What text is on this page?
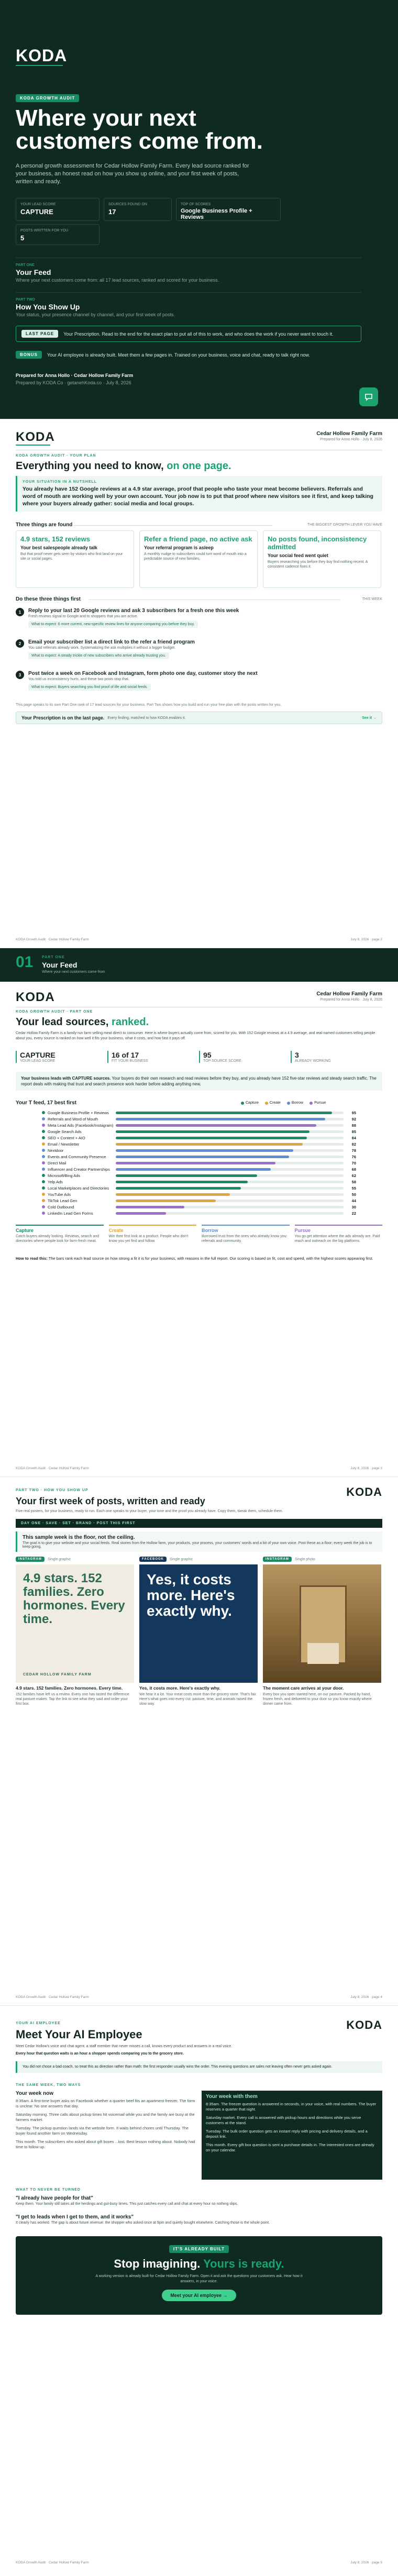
KODA
KODA GROWTH AUDIT
Where your next
customers come from.
A personal growth assessment for Cedar Hollow Family Farm. Every lead source ranked for your business, an honest read on how you show up online, and your first week of posts, written and ready.
YOUR LEAD SCORE
CAPTURE
SOURCES FOUND ON
17
TOP OF SCORES
Google Business Profile + Reviews
POSTS WRITTEN FOR YOU
5
PART ONE
Your Feed
Where your next customers come from: all 17 lead sources, ranked and scored for your business.
PART TWO
How You Show Up
Your status, your presence channel by channel, and your first week of posts.
LAST PAGE	Your Prescription. Read to the end for the exact plan to put all of this to work, and who does the work if you never want to touch it.
BONUS	Your AI employee is already built. Meet them a few pages in. Trained on your business, voice and chat, ready to talk right now.
Prepared for Anna Hollo · Cedar Hollow Family Farm
Prepared by KODA Co · getanehKoda.co · July 8, 2026
KODA	Cedar Hollow Family Farm
Prepared for Anna Hollo · July 8, 2026
KODA GROWTH AUDIT · YOUR PLAN
Everything you need to know, on one page.
YOUR SITUATION IN A NUTSHELL
You already have 152 Google reviews at a 4.9 star average, proof that people who taste your meat become believers. Referrals and word of mouth are working well by your own account. Your job now is to put that proof where new visitors see it first, and keep talking where your buyers already gather: social media and local groups.
Three things are found	THE BIGGEST GROWTH LEVER YOU HAVE
4.9 stars, 152 reviews
Your best salespeople already talk
But that proof never gets seen by visitors who first land on your site or social pages.
Refer a friend page, no active ask
Your referral program is asleep
A monthly nudge to subscribers could turn word of mouth into a predictable source of new families.
No posts found, inconsistency admitted
Your social feed went quiet
Buyers researching you before they buy find nothing recent. A consistent cadence fixes it.
Do these three things first	THIS WEEK
1	Reply to your last 20 Google reviews and ask 3 subscribers for a fresh one this week
Fresh reviews signal to Google and to shoppers that you are active.
What to expect: 6 more current, new-specific review lines for anyone comparing you before they buy.
2	Email your subscriber list a direct link to the refer a friend program
You said referrals already work. Systematizing the ask multiplies it without a bigger budget.
What to expect: A steady trickle of new subscribers who arrive already trusting you.
3	Post twice a week on Facebook and Instagram, form photo one day, customer story the next
You told us inconsistency hurts, and these two posts stop that.
What to expect: Buyers searching you find proof of life and social feeds.
This page speaks to its own Part One rank of 17 lead sources for your business. Part Two shows how you build and run your free plan with the posts written for you.
Your Prescription is on the last page. Every finding, matched to how KODA enables it.	See it →
KODA Growth Audit · Cedar Hollow Family Farm	July 8, 2026 · page 2
01 PART ONE
Your Feed
Where your next customers come from
KODA	Cedar Hollow Family Farm
Prepared for Anna Hollo · July 8, 2026
KODA GROWTH AUDIT · PART ONE
Your lead sources, ranked.
Cedar Hollow Family Farm is a family-run farm selling meat direct to consumer. Here is where buyers actually come from, scored for you. With 152 Google reviews at a 4.9 average, and real-named customers telling people about you, every source is ranked on how well it fits your business, what it costs, and how fast it pays off.
CAPTURE
YOUR LEAD SCORE
16 of 17
FIT YOUR BUSINESS
95
TOP SOURCE SCORE
3
ALREADY WORKING
Your business leads with CAPTURE sources. Your buyers do their own research and read reviews before they buy, and you already have 152 five-star reviews and steady search traffic. The report deals with making that trust and search presence work harder before adding anything new.
Your T feed, 17 best first	Capture	Create	Borrow	Pursue
Google Business Profile + Reviews	95
Referrals and Word of Mouth	92
Meta Lead Ads (Facebook/Instagram)	88
Google Search Ads	85
SEO + Content + AIO	84
Email / Newsletter	82
Nextdoor	78
Events and Community Presence	76
Direct Mail	70
Influencer and Creator Partnerships	68
Microsoft/Bing Ads	62
Yelp Ads	58
Local Marketplaces and Directories	55
YouTube Ads	50
TikTok Lead Gen	44
Cold Outbound	30
LinkedIn Lead Gen Forms	22
Capture
Catch buyers already looking. Reviews, search and directories where people look for farm-fresh meat.
Create
Win their first look at a product. People who don't know you yet find and follow.
Borrow
Borrowed trust from the ones who already know you: referrals and community.
Pursue
You go get attention where the ads already are. Paid reach and outreach on the big platforms.
How to read this: The bars rank each lead source on how strong a fit it is for your business, with reasons in the full report. Our scoring is based on fit, cost and speed, with the highest scores appearing first.
KODA Growth Audit · Cedar Hollow Family Farm	July 8, 2026 · page 3
PART TWO · HOW YOU SHOW UP	KODA
Your first week of posts, written and ready
Five real posters, for your business, ready to run. Each one speaks to your buyer, your tone and the proof you already have. Copy them, tweak them, schedule them.
DAY ONE · SAVE · SET · BRAND · POST THIS FIRST
This sample week is the floor, not the ceiling.
The goal is to give your website and your social feeds. Real stories from the Hollow farm, your products, your process, your customers' words and a bit of your own voice. Post these as a floor; every week the job is to keep going.
INSTAGRAM	Single graphic
4.9 stars. 152 families. Zero hormones. Every time.
CEDAR HOLLOW FAMILY FARM
4.9 stars. 152 families. Zero hormones. Every time.
152 families have left us a review. Every one has tasted the difference real pasture makes. Tap the link to see what they said and order your first box.
FACEBOOK	Single graphic
Yes, it costs more. Here's exactly why.
Yes, it costs more. Here's exactly why.
We hear it a lot. Your meat costs more than the grocery store. That's fair. Here's what goes into every cut: pasture, time, and animals raised the slow way.
INSTAGRAM	Single photo
The moment care arrives at your door.
Every box you open started here, on our pasture. Packed by hand, frozen fresh, and delivered to your door so you know exactly where dinner came from.
KODA Growth Audit · Cedar Hollow Family Farm	July 8, 2026 · page 4
YOUR AI EMPLOYEE	KODA
Meet Your AI Employee
Meet Cedar Hollow's voice and chat agent, a staff member that never misses a call, knows every product and answers in a real voice.
Every hour that question waits is an hour a shopper spends comparing you to the grocery store.
You did not chose a bad coach, so treat this as direction rather than math: the first responder usually wins the order. This evening questions are sales not leaving often never gets asked again.
THE SAME WEEK, TWO WAYS
Your week now
8:35am. A first-time buyer asks on Facebook whether a quarter beef fits an apartment freezer. The form is unclear. No one answers that day.
Saturday morning. Three calls about pickup times hit voicemail while you and the family are busy at the farmers market.
Tuesday. The pickup question lands via the website form. It waits behind chores until Thursday. The buyer found another farm on Wednesday.
This month. The subscribers who asked about gift boxes ...lost. Best lesson nothing about. Nobody had time to follow up.
Your week with them
8:35am. The freezer question is answered in seconds, in your voice, with real numbers. The buyer reserves a quarter that night.
Saturday market. Every call is answered with pickup hours and directions while you serve customers at the stand.
Tuesday. The bulk order question gets an instant reply with pricing and delivery details, and a deposit link.
This month. Every gift box question is sent a purchase details in. The interested ones are already on your calendar.
WHAT TO NEVER BE TURNED
"I already have people for that"
Keep them. Your family still takes all the herdings and gut-busy times. This just catches every call and chat at every hour so nothing slips.
"I get to leads when I get to them, and it works"
It clearly has worked. The gap is about future revenue: the shopper who asked once at 9pm and quietly bought elsewhere. Catching those is the whole point.
IT'S ALREADY BUILT
Stop imagining. Yours is ready.
A working version is already built for Cedar Hollow Family Farm. Open it and ask the questions your customers ask. Hear how it answers, in your voice.
Meet your AI employee →
KODA Growth Audit · Cedar Hollow Family Farm	July 8, 2026 · page 5
